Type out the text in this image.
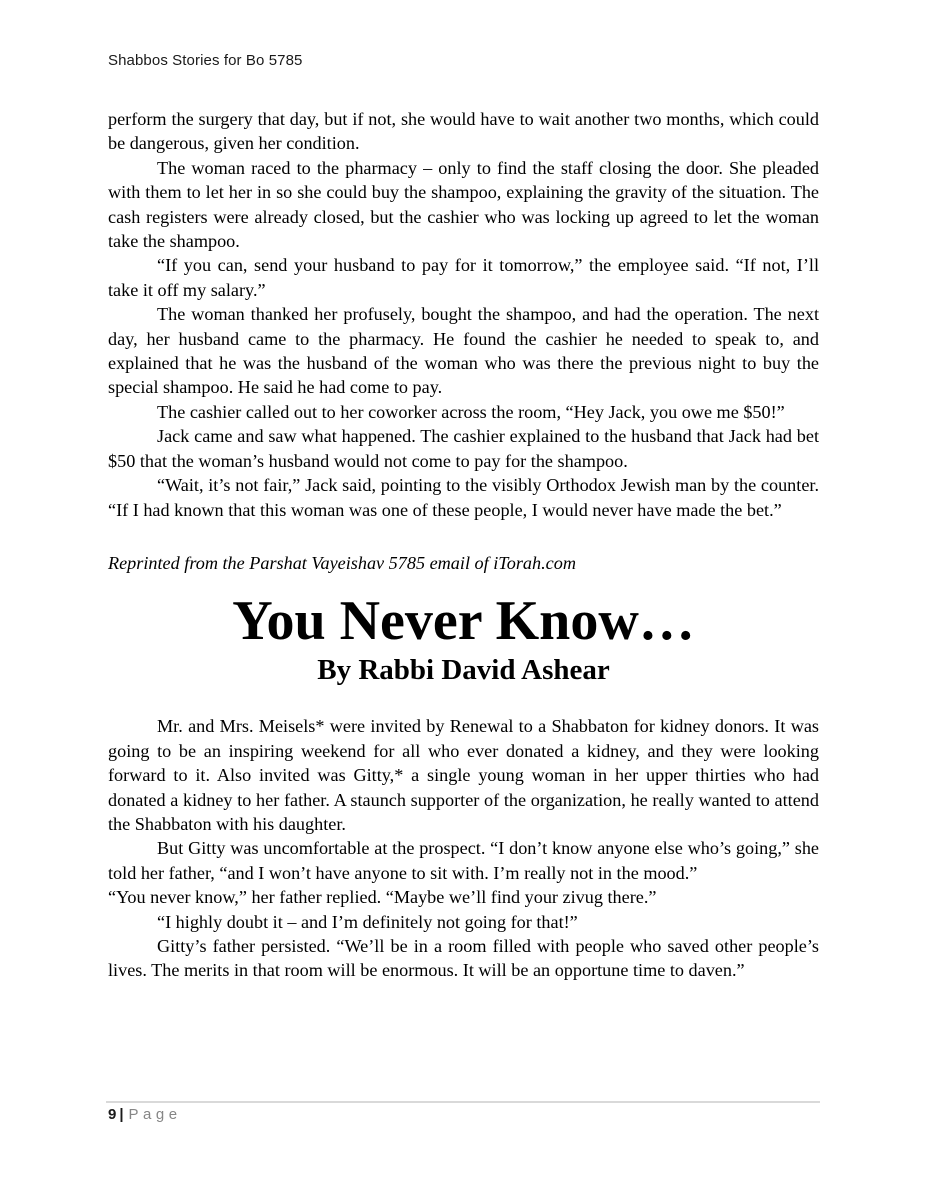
Shabbos Stories for Bo 5785

perform the surgery that day, but if not, she would have to wait another two months, which could be dangerous, given her condition.

The woman raced to the pharmacy – only to find the staff closing the door. She pleaded with them to let her in so she could buy the shampoo, explaining the gravity of the situation. The cash registers were already closed, but the cashier who was locking up agreed to let the woman take the shampoo.

“If you can, send your husband to pay for it tomorrow,” the employee said. “If not, I’ll take it off my salary.”

The woman thanked her profusely, bought the shampoo, and had the operation. The next day, her husband came to the pharmacy. He found the cashier he needed to speak to, and explained that he was the husband of the woman who was there the previous night to buy the special shampoo. He said he had come to pay.

The cashier called out to her coworker across the room, “Hey Jack, you owe me $50!”

Jack came and saw what happened. The cashier explained to the husband that Jack had bet $50 that the woman’s husband would not come to pay for the shampoo.

“Wait, it’s not fair,” Jack said, pointing to the visibly Orthodox Jewish man by the counter. “If I had known that this woman was one of these people, I would never have made the bet.”

Reprinted from the Parshat Vayeishav 5785 email of iTorah.com

You Never Know…

By Rabbi David Ashear

Mr. and Mrs. Meisels* were invited by Renewal to a Shabbaton for kidney donors. It was going to be an inspiring weekend for all who ever donated a kidney, and they were looking forward to it. Also invited was Gitty,* a single young woman in her upper thirties who had donated a kidney to her father. A staunch supporter of the organization, he really wanted to attend the Shabbaton with his daughter.

But Gitty was uncomfortable at the prospect. “I don’t know anyone else who’s going,” she told her father, “and I won’t have anyone to sit with. I’m really not in the mood.”

“You never know,” her father replied. “Maybe we’ll find your zivug there.”

“I highly doubt it – and I’m definitely not going for that!”

Gitty’s father persisted. “We’ll be in a room filled with people who saved other people’s lives. The merits in that room will be enormous. It will be an opportune time to daven.”

9 | Page
